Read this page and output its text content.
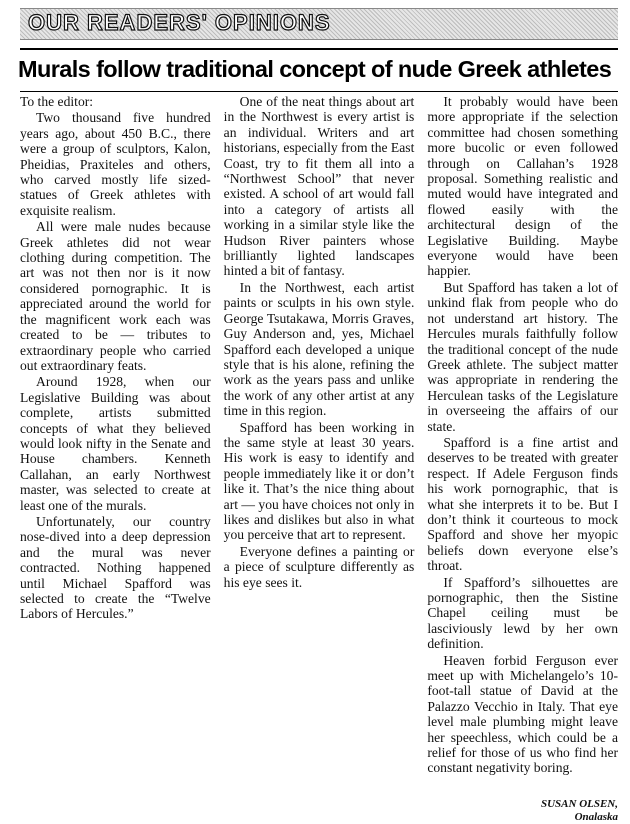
OUR READERS' OPINIONS
Murals follow traditional concept of nude Greek athletes

To the editor:

Two thousand five hundred years ago, about 450 B.C., there were a group of sculptors, Kalon, Pheidias, Praxiteles and others, who carved mostly life sized-statues of Greek athletes with exquisite realism.

All were male nudes because Greek athletes did not wear clothing during competition. The art was not then nor is it now considered pornographic. It is appreciated around the world for the magnificent work each was created to be — tributes to extraordinary people who carried out extraordinary feats.

Around 1928, when our Legislative Building was about complete, artists submitted concepts of what they believed would look nifty in the Senate and House chambers. Kenneth Callahan, an early Northwest master, was selected to create at least one of the murals.

Unfortunately, our country nose-dived into a deep depression and the mural was never contracted. Nothing happened until Michael Spafford was selected to create the “Twelve Labors of Hercules.”

One of the neat things about art in the Northwest is every artist is an individual. Writers and art historians, especially from the East Coast, try to fit them all into a “Northwest School” that never existed. A school of art would fall into a category of artists all working in a similar style like the Hudson River painters whose brilliantly lighted landscapes hinted a bit of fantasy.

In the Northwest, each artist paints or sculpts in his own style. George Tsutakawa, Morris Graves, Guy Anderson and, yes, Michael Spafford each developed a unique style that is his alone, refining the work as the years pass and unlike the work of any other artist at any time in this region.

Spafford has been working in the same style at least 30 years. His work is easy to identify and people immediately like it or don’t like it. That’s the nice thing about art — you have choices not only in likes and dislikes but also in what you perceive that art to represent.

Everyone defines a painting or a piece of sculpture differently as his eye sees it.

It probably would have been more appropriate if the selection committee had chosen something more bucolic or even followed through on Callahan’s 1928 proposal. Something realistic and muted would have integrated and flowed easily with the architectural design of the Legislative Building. Maybe everyone would have been happier.

But Spafford has taken a lot of unkind flak from people who do not understand art history. The Hercules murals faithfully follow the traditional concept of the nude Greek athlete. The subject matter was appropriate in rendering the Herculean tasks of the Legislature in overseeing the affairs of our state.

Spafford is a fine artist and deserves to be treated with greater respect. If Adele Ferguson finds his work pornographic, that is what she interprets it to be. But I don’t think it courteous to mock Spafford and shove her myopic beliefs down everyone else’s throat.

If Spafford’s silhouettes are pornographic, then the Sistine Chapel ceiling must be lasciviously lewd by her own definition.

Heaven forbid Ferguson ever meet up with Michelangelo’s 10-foot-tall statue of David at the Palazzo Vecchio in Italy. That eye level male plumbing might leave her speechless, which could be a relief for those of us who find her constant negativity boring.

SUSAN OLSEN,
Onalaska
